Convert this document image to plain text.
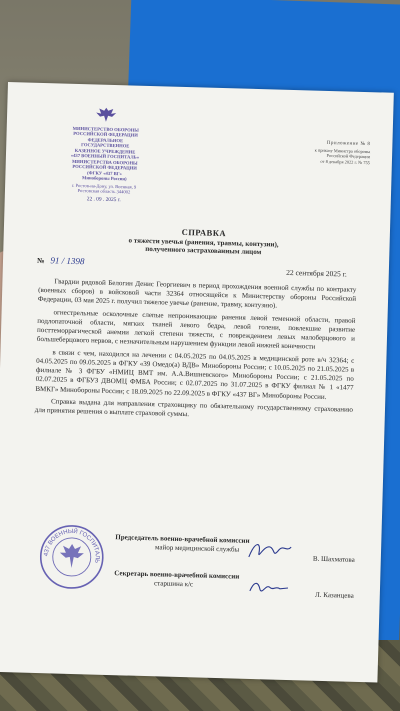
МИНИСТЕРСТВО ОБОРОНЫ
РОССИЙСКОЙ ФЕДЕРАЦИИ
ФЕДЕРАЛЬНОЕ
ГОСУДАРСТВЕННОЕ
КАЗЕННОЕ УЧРЕЖДЕНИЕ
«437 ВОЕННЫЙ ГОСПИТАЛЬ»
МИНИСТЕРСТВА ОБОРОНЫ
РОССИЙСКОЙ ФЕДЕРАЦИИ
(ФГКУ «437 ВГ»
Минобороны России)
г. Ростов-на-Дону, ул. Военная, 9
Ростовская область 344002
22 . 09 . 2025 г.
Приложение № 8
к приказу Министра обороны
Российской Федерации
от 8 декабря 2022 г. № 755
СПРАВКА
о тяжести увечья (ранения, травмы, контузии),
полученного застрахованным лицом
№ 91 / 1398
22 сентября 2025 г.

Гвардии рядовой Белогин Денис Георгиевич в период прохождения военной службы по контракту (военных сборов) в войсковой части 32364 относящейся к Министерству обороны Российской Федерации, 03 мая 2025 г. получил тяжелое увечье (ранение, травму, контузию).

огнестрельные осколочные слепые непроникающие ранения левой теменной области, правой подлопаточной области, мягких тканей левого бедра, левой голени, повлекшие развитие посттеморрагической анемии легкой степени тяжести, с повреждением левых малоберцового и большеберцового нервов, с незначительным нарушением функции левой нижней конечности

в связи с чем, находился на лечении с 04.05.2025 по 04.05.2025 в медицинской роте в/ч 32364; с 04.05.2025 по 09.05.2025 в ФГКУ «39 Омедо(а) ВДВ» Минобороны России; с 10.05.2025 по 21.05.2025 в филиале № 3 ФГБУ «НМИЦ ВМТ им. А.А.Вишневского» Минобороны России; с 21.05.2025 по 02.07.2025 в ФГБУЗ ДВОМЦ ФМБА России; с 02.07.2025 по 31.07.2025 в ФГКУ филиал № 1 «1477 ВМКГ» Минобороны России; с 18.09.2025 по 22.09.2025 в ФГКУ «437 ВГ» Минобороны России.

Справка выдана для направления страховщику по обязательному государственному страхованию для принятия решения о выплате страховой суммы.

437 ВОЕННЫЙ ГОСПИТАЛЬ
Председатель военно-врачебной комиссии
майор медицинской службы
В. Шахматова
Секретарь военно-врачебной комиссии
старшина к/с
Л. Казанцева
